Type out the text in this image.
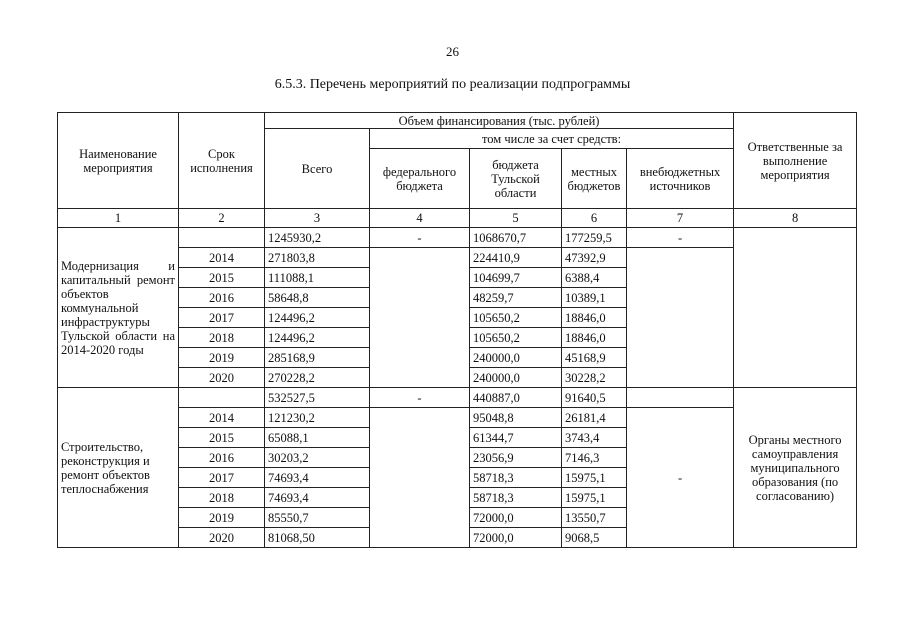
26
6.5.3. Перечень мероприятий по реализации подпрограммы
Наименование мероприятия	Срок исполнения	Объем финансирования (тыс. рублей)					Ответственные за выполнение мероприятия
		Всего	том числе за счет средств:				
			федерального бюджета	бюджета Тульской области	местных бюджетов	внебюджетных источников	
1	2	3	4	5	6	7	8
Модернизация и капитальный ремонт объектов коммунальной инфраструктуры Тульской области на 2014-2020 годы		1245930,2	-	1068670,7	177259,5	-	
	2014	271803,8		224410,9	47392,9		
	2015	111088,1		104699,7	6388,4		
	2016	58648,8		48259,7	10389,1		
	2017	124496,2		105650,2	18846,0		
	2018	124496,2		105650,2	18846,0		
	2019	285168,9		240000,0	45168,9		
	2020	270228,2		240000,0	30228,2		
Строительство, реконструкция и ремонт объектов теплоснабжения		532527,5	-	440887,0	91640,5		Органы местного самоуправления муниципального образования (по согласованию)
	2014	121230,2		95048,8	26181,4	-	
	2015	65088,1		61344,7	3743,4		
	2016	30203,2		23056,9	7146,3		
	2017	74693,4		58718,3	15975,1		
	2018	74693,4		58718,3	15975,1		
	2019	85550,7		72000,0	13550,7		
	2020	81068,50		72000,0	9068,5		
